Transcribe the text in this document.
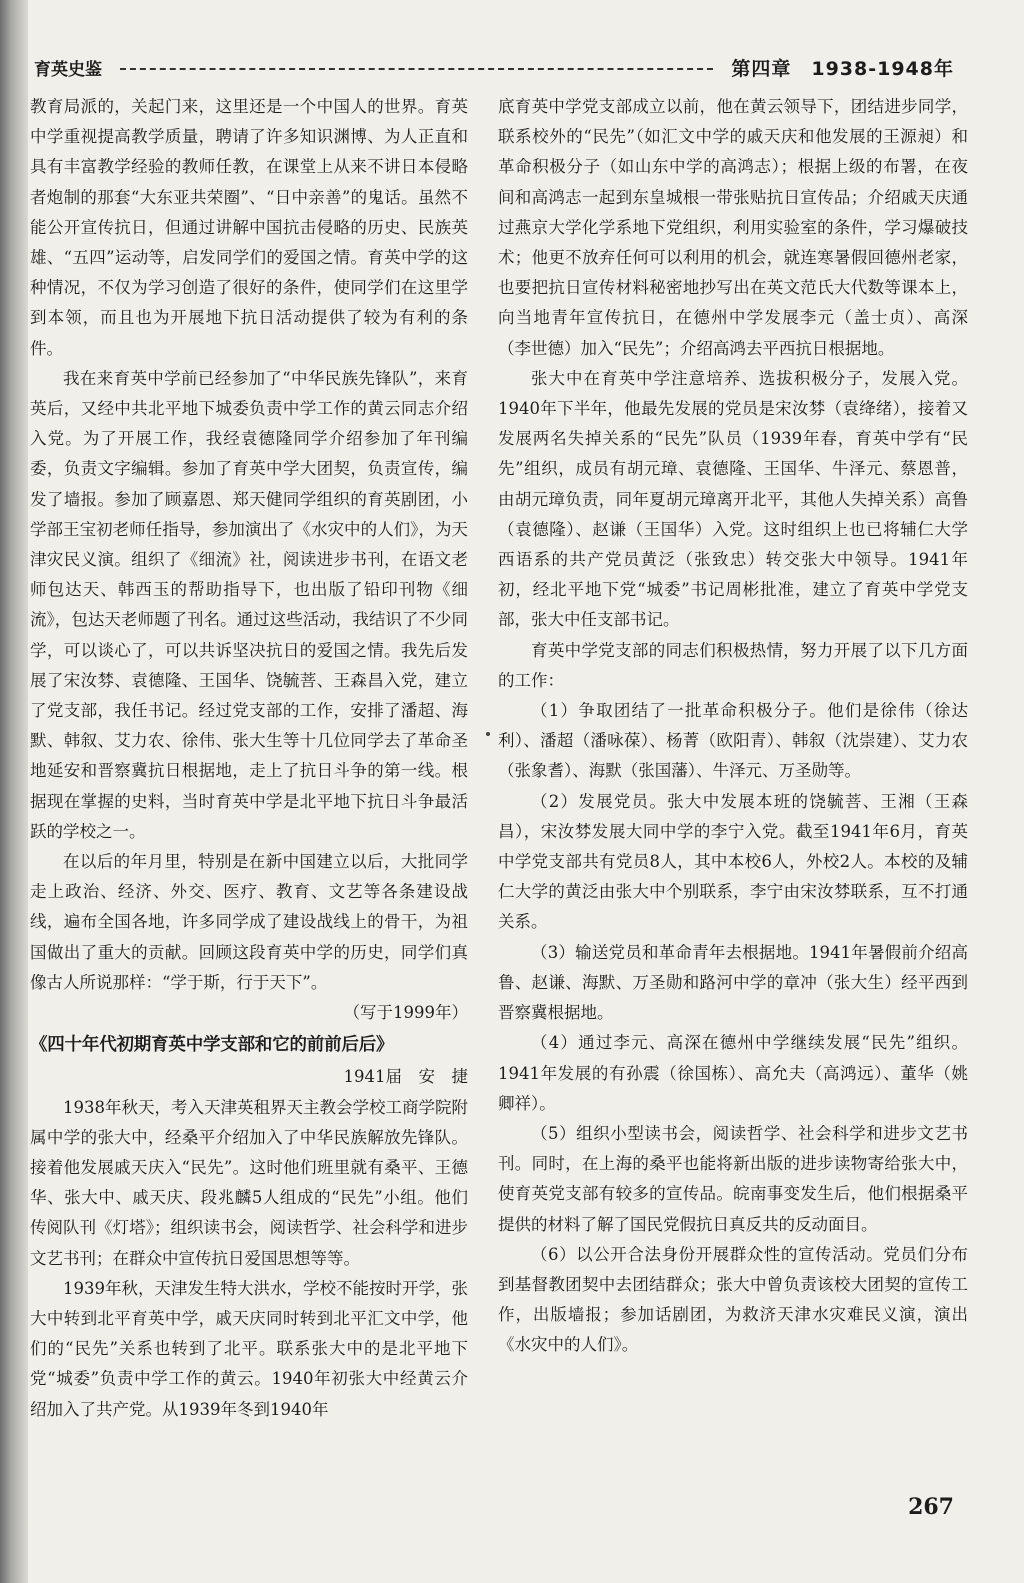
育英史鉴	第四章　1938-1948年

教育局派的，关起门来，这里还是一个中国人的世界。育英中学重视提高教学质量，聘请了许多知识渊博、为人正直和具有丰富教学经验的教师任教，在课堂上从来不讲日本侵略者炮制的那套“大东亚共荣圈”、“日中亲善”的鬼话。虽然不能公开宣传抗日，但通过讲解中国抗击侵略的历史、民族英雄、“五四”运动等，启发同学们的爱国之情。育英中学的这种情况，不仅为学习创造了很好的条件，使同学们在这里学到本领，而且也为开展地下抗日活动提供了较为有利的条件。

我在来育英中学前已经参加了“中华民族先锋队”，来育英后，又经中共北平地下城委负责中学工作的黄云同志介绍入党。为了开展工作，我经袁德隆同学介绍参加了年刊编委，负责文字编辑。参加了育英中学大团契，负责宣传，编发了墙报。参加了顾嘉恩、郑天健同学组织的育英剧团，小学部王宝初老师任指导，参加演出了《水灾中的人们》，为天津灾民义演。组织了《细流》社，阅读进步书刊，在语文老师包达天、韩西玉的帮助指导下，也出版了铅印刊物《细流》，包达天老师题了刊名。通过这些活动，我结识了不少同学，可以谈心了，可以共诉坚决抗日的爱国之情。我先后发展了宋汝棼、袁德隆、王国华、饶毓菩、王森昌入党，建立了党支部，我任书记。经过党支部的工作，安排了潘超、海默、韩叙、艾力农、徐伟、张大生等十几位同学去了革命圣地延安和晋察冀抗日根据地，走上了抗日斗争的第一线。根据现在掌握的史料，当时育英中学是北平地下抗日斗争最活跃的学校之一。

在以后的年月里，特别是在新中国建立以后，大批同学走上政治、经济、外交、医疗、教育、文艺等各条建设战线，遍布全国各地，许多同学成了建设战线上的骨干，为祖国做出了重大的贡献。回顾这段育英中学的历史，同学们真像古人所说那样：“学于斯，行于天下”。

（写于1999年）

《四十年代初期育英中学支部和它的前前后后》

1941届　安　捷

1938年秋天，考入天津英租界天主教会学校工商学院附属中学的张大中，经桑平介绍加入了中华民族解放先锋队。接着他发展戚天庆入“民先”。这时他们班里就有桑平、王德华、张大中、戚天庆、段兆麟5人组成的“民先”小组。他们传阅队刊《灯塔》；组织读书会，阅读哲学、社会科学和进步文艺书刊；在群众中宣传抗日爱国思想等等。

1939年秋，天津发生特大洪水，学校不能按时开学，张大中转到北平育英中学，戚天庆同时转到北平汇文中学，他们的“民先”关系也转到了北平。联系张大中的是北平地下党“城委”负责中学工作的黄云。1940年初张大中经黄云介绍加入了共产党。从1939年冬到1940年

底育英中学党支部成立以前，他在黄云领导下，团结进步同学，联系校外的“民先”（如汇文中学的戚天庆和他发展的王源昶）和革命积极分子（如山东中学的高鸿志）；根据上级的布署，在夜间和高鸿志一起到东皇城根一带张贴抗日宣传品；介绍戚天庆通过燕京大学化学系地下党组织，利用实验室的条件，学习爆破技术；他更不放弃任何可以利用的机会，就连寒暑假回德州老家，也要把抗日宣传材料秘密地抄写出在英文范氏大代数等课本上，向当地青年宣传抗日，在德州中学发展李元（盖士贞）、高深（李世德）加入“民先”；介绍高鸿去平西抗日根据地。

张大中在育英中学注意培养、选拔积极分子，发展入党。1940年下半年，他最先发展的党员是宋汝棼（袁绛绪），接着又发展两名失掉关系的“民先”队员（1939年春，育英中学有“民先”组织，成员有胡元璋、袁德隆、王国华、牛泽元、蔡恩普，由胡元璋负责，同年夏胡元璋离开北平，其他人失掉关系）高鲁（袁德隆）、赵谦（王国华）入党。这时组织上也已将辅仁大学西语系的共产党员黄泛（张致忠）转交张大中领导。1941年初，经北平地下党“城委”书记周彬批准，建立了育英中学党支部，张大中任支部书记。

育英中学党支部的同志们积极热情，努力开展了以下几方面的工作：

（1）争取团结了一批革命积极分子。他们是徐伟（徐达利）、潘超（潘咏葆）、杨菁（欧阳青）、韩叙（沈崇建）、艾力农（张象耆）、海默（张国藩）、牛泽元、万圣勋等。

（2）发展党员。张大中发展本班的饶毓菩、王湘（王森昌），宋汝棼发展大同中学的李宁入党。截至1941年6月，育英中学党支部共有党员8人，其中本校6人，外校2人。本校的及辅仁大学的黄泛由张大中个别联系，李宁由宋汝棼联系，互不打通关系。

（3）输送党员和革命青年去根据地。1941年暑假前介绍高鲁、赵谦、海默、万圣勋和路河中学的章冲（张大生）经平西到晋察冀根据地。

（4）通过李元、高深在德州中学继续发展“民先”组织。1941年发展的有孙震（徐国栋）、高允夫（高鸿远）、董华（姚卿祥）。

（5）组织小型读书会，阅读哲学、社会科学和进步文艺书刊。同时，在上海的桑平也能将新出版的进步读物寄给张大中，使育英党支部有较多的宣传品。皖南事变发生后，他们根据桑平提供的材料了解了国民党假抗日真反共的反动面目。

（6）以公开合法身份开展群众性的宣传活动。党员们分布到基督教团契中去团结群众；张大中曾负责该校大团契的宣传工作，出版墙报；参加话剧团，为救济天津水灾难民义演，演出《水灾中的人们》。

267
